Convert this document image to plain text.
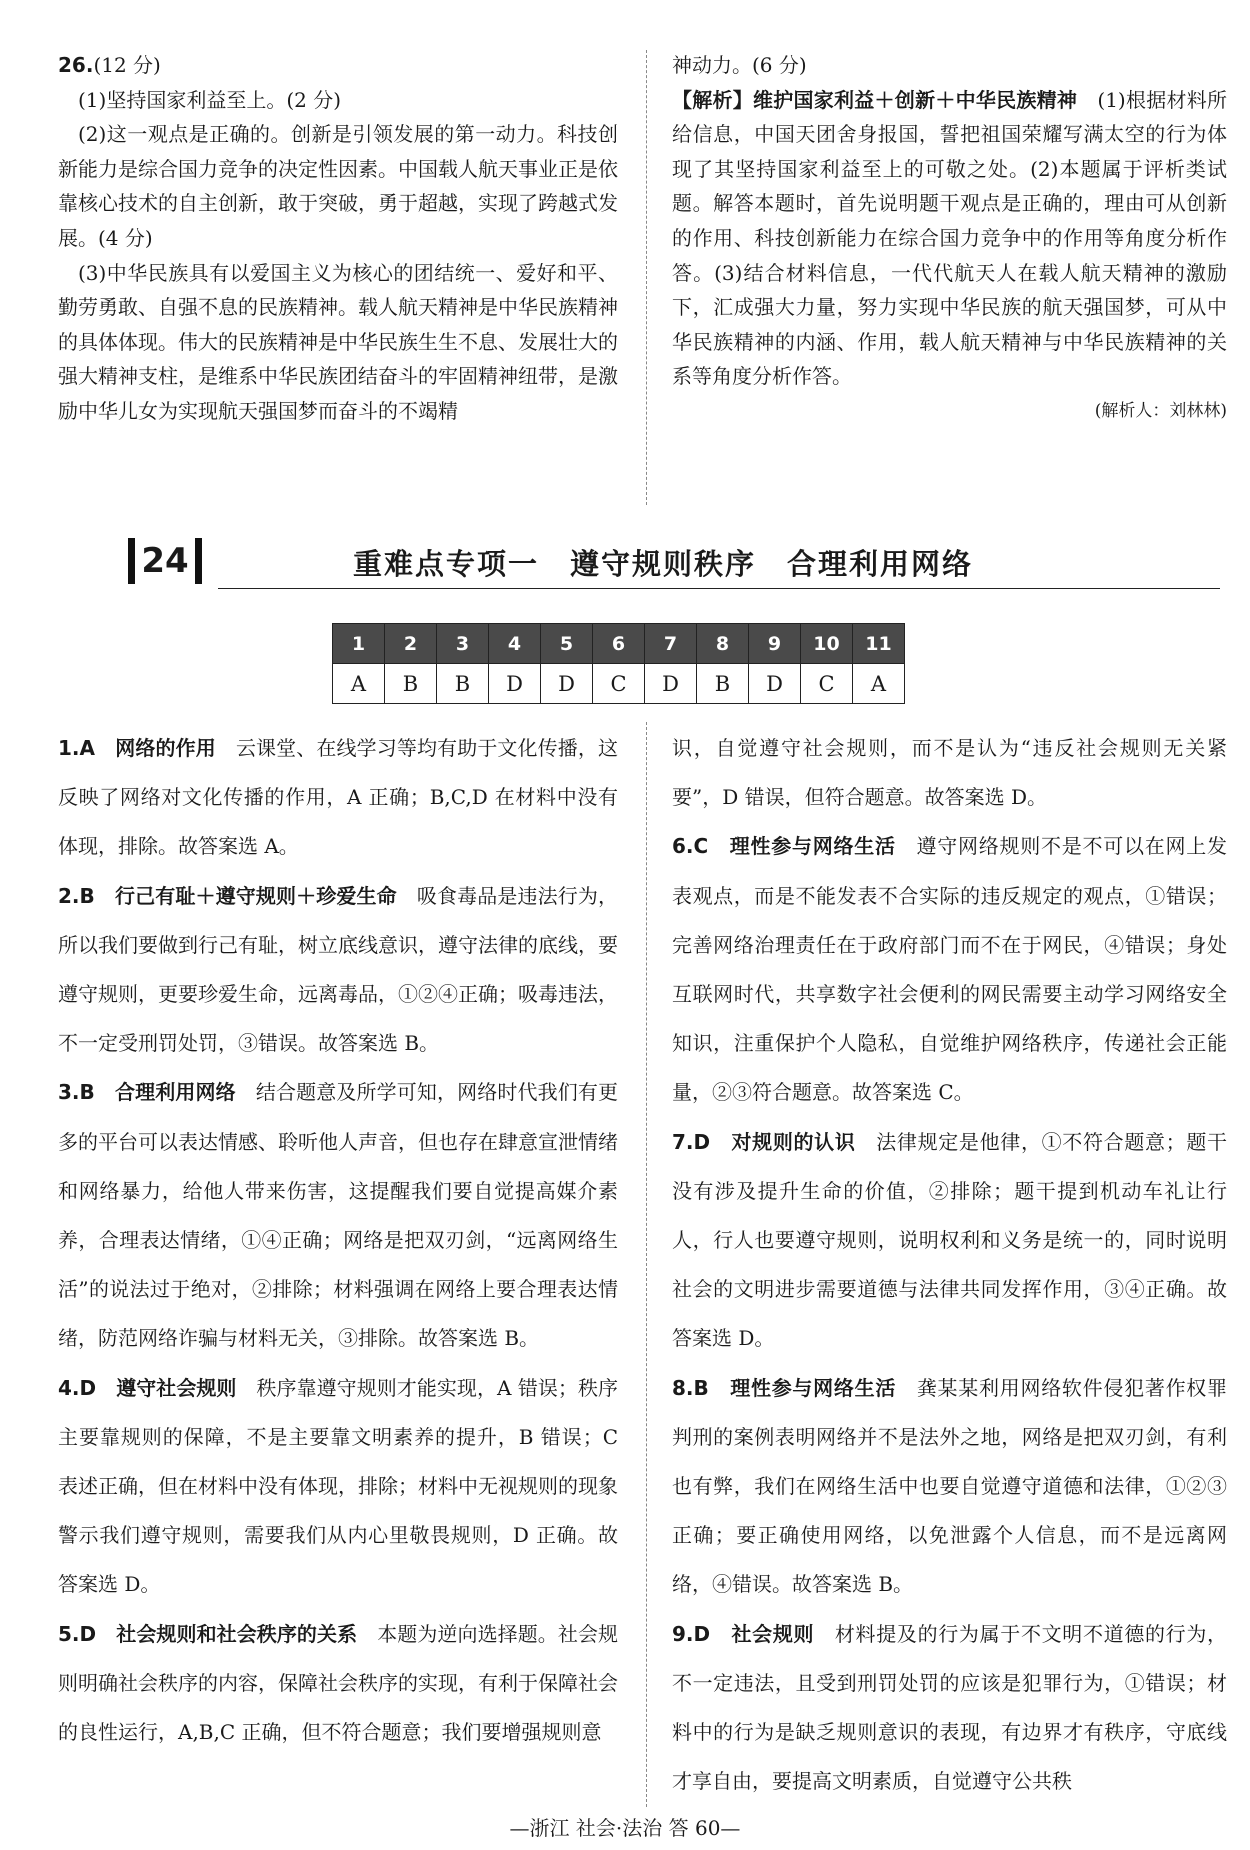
26.(12 分)

(1)坚持国家利益至上。(2 分)

(2)这一观点是正确的。创新是引领发展的第一动力。科技创新能力是综合国力竞争的决定性因素。中国载人航天事业正是依靠核心技术的自主创新，敢于突破，勇于超越，实现了跨越式发展。(4 分)

(3)中华民族具有以爱国主义为核心的团结统一、爱好和平、勤劳勇敢、自强不息的民族精神。载人航天精神是中华民族精神的具体体现。伟大的民族精神是中华民族生生不息、发展壮大的强大精神支柱，是维系中华民族团结奋斗的牢固精神纽带，是激励中华儿女为实现航天强国梦而奋斗的不竭精

神动力。(6 分)

【解析】维护国家利益＋创新＋中华民族精神　 (1)根据材料所给信息，中国天团舍身报国，誓把祖国荣耀写满太空的行为体现了其坚持国家利益至上的可敬之处。(2)本题属于评析类试题。解答本题时，首先说明题干观点是正确的，理由可从创新的作用、科技创新能力在综合国力竞争中的作用等角度分析作答。(3)结合材料信息，一代代航天人在载人航天精神的激励下，汇成强大力量，努力实现中华民族的航天强国梦，可从中华民族精神的内涵、作用，载人航天精神与中华民族精神的关系等角度分析作答。

(解析人：刘林林)

24	重难点专项一　遵守规则秩序　合理利用网络
1	2	3	4	5	6	7	8	9	10	11
A	B	B	D	D	C	D	B	D	C	A
1.A　 网络的作用　 云课堂、在线学习等均有助于文化传播，这反映了网络对文化传播的作用，A 正确；B,C,D 在材料中没有体现，排除。故答案选 A。
2.B　 行己有耻＋遵守规则＋珍爱生命　 吸食毒品是违法行为，所以我们要做到行己有耻，树立底线意识，遵守法律的底线，要遵守规则，更要珍爱生命，远离毒品，①②④正确；吸毒违法，不一定受刑罚处罚，③错误。故答案选 B。
3.B　 合理利用网络　 结合题意及所学可知，网络时代我们有更多的平台可以表达情感、聆听他人声音，但也存在肆意宣泄情绪和网络暴力，给他人带来伤害，这提醒我们要自觉提高媒介素养，合理表达情绪，①④正确；网络是把双刃剑，“远离网络生活”的说法过于绝对，②排除；材料强调在网络上要合理表达情绪，防范网络诈骗与材料无关，③排除。故答案选 B。
4.D　 遵守社会规则　 秩序靠遵守规则才能实现，A 错误；秩序主要靠规则的保障，不是主要靠文明素养的提升，B 错误；C 表述正确，但在材料中没有体现，排除；材料中无视规则的现象警示我们遵守规则，需要我们从内心里敬畏规则，D 正确。故答案选 D。
5.D　 社会规则和社会秩序的关系　 本题为逆向选择题。社会规则明确社会秩序的内容，保障社会秩序的实现，有利于保障社会的良性运行，A,B,C 正确，但不符合题意；我们要增强规则意
识，自觉遵守社会规则，而不是认为“违反社会规则无关紧要”，D 错误，但符合题意。故答案选 D。
6.C　 理性参与网络生活　 遵守网络规则不是不可以在网上发表观点，而是不能发表不合实际的违反规定的观点，①错误；完善网络治理责任在于政府部门而不在于网民，④错误；身处互联网时代，共享数字社会便利的网民需要主动学习网络安全知识，注重保护个人隐私，自觉维护网络秩序，传递社会正能量，②③符合题意。故答案选 C。
7.D　 对规则的认识　 法律规定是他律，①不符合题意；题干没有涉及提升生命的价值，②排除；题干提到机动车礼让行人，行人也要遵守规则，说明权利和义务是统一的，同时说明社会的文明进步需要道德与法律共同发挥作用，③④正确。故答案选 D。
8.B　 理性参与网络生活　 龚某某利用网络软件侵犯著作权罪判刑的案例表明网络并不是法外之地，网络是把双刃剑，有利也有弊，我们在网络生活中也要自觉遵守道德和法律，①②③正确；要正确使用网络，以免泄露个人信息，而不是远离网络，④错误。故答案选 B。
9.D　 社会规则　 材料提及的行为属于不文明不道德的行为，不一定违法，且受到刑罚处罚的应该是犯罪行为，①错误；材料中的行为是缺乏规则意识的表现，有边界才有秩序，守底线才享自由，要提高文明素质，自觉遵守公共秩
—浙江 社会·法治 答 60—
